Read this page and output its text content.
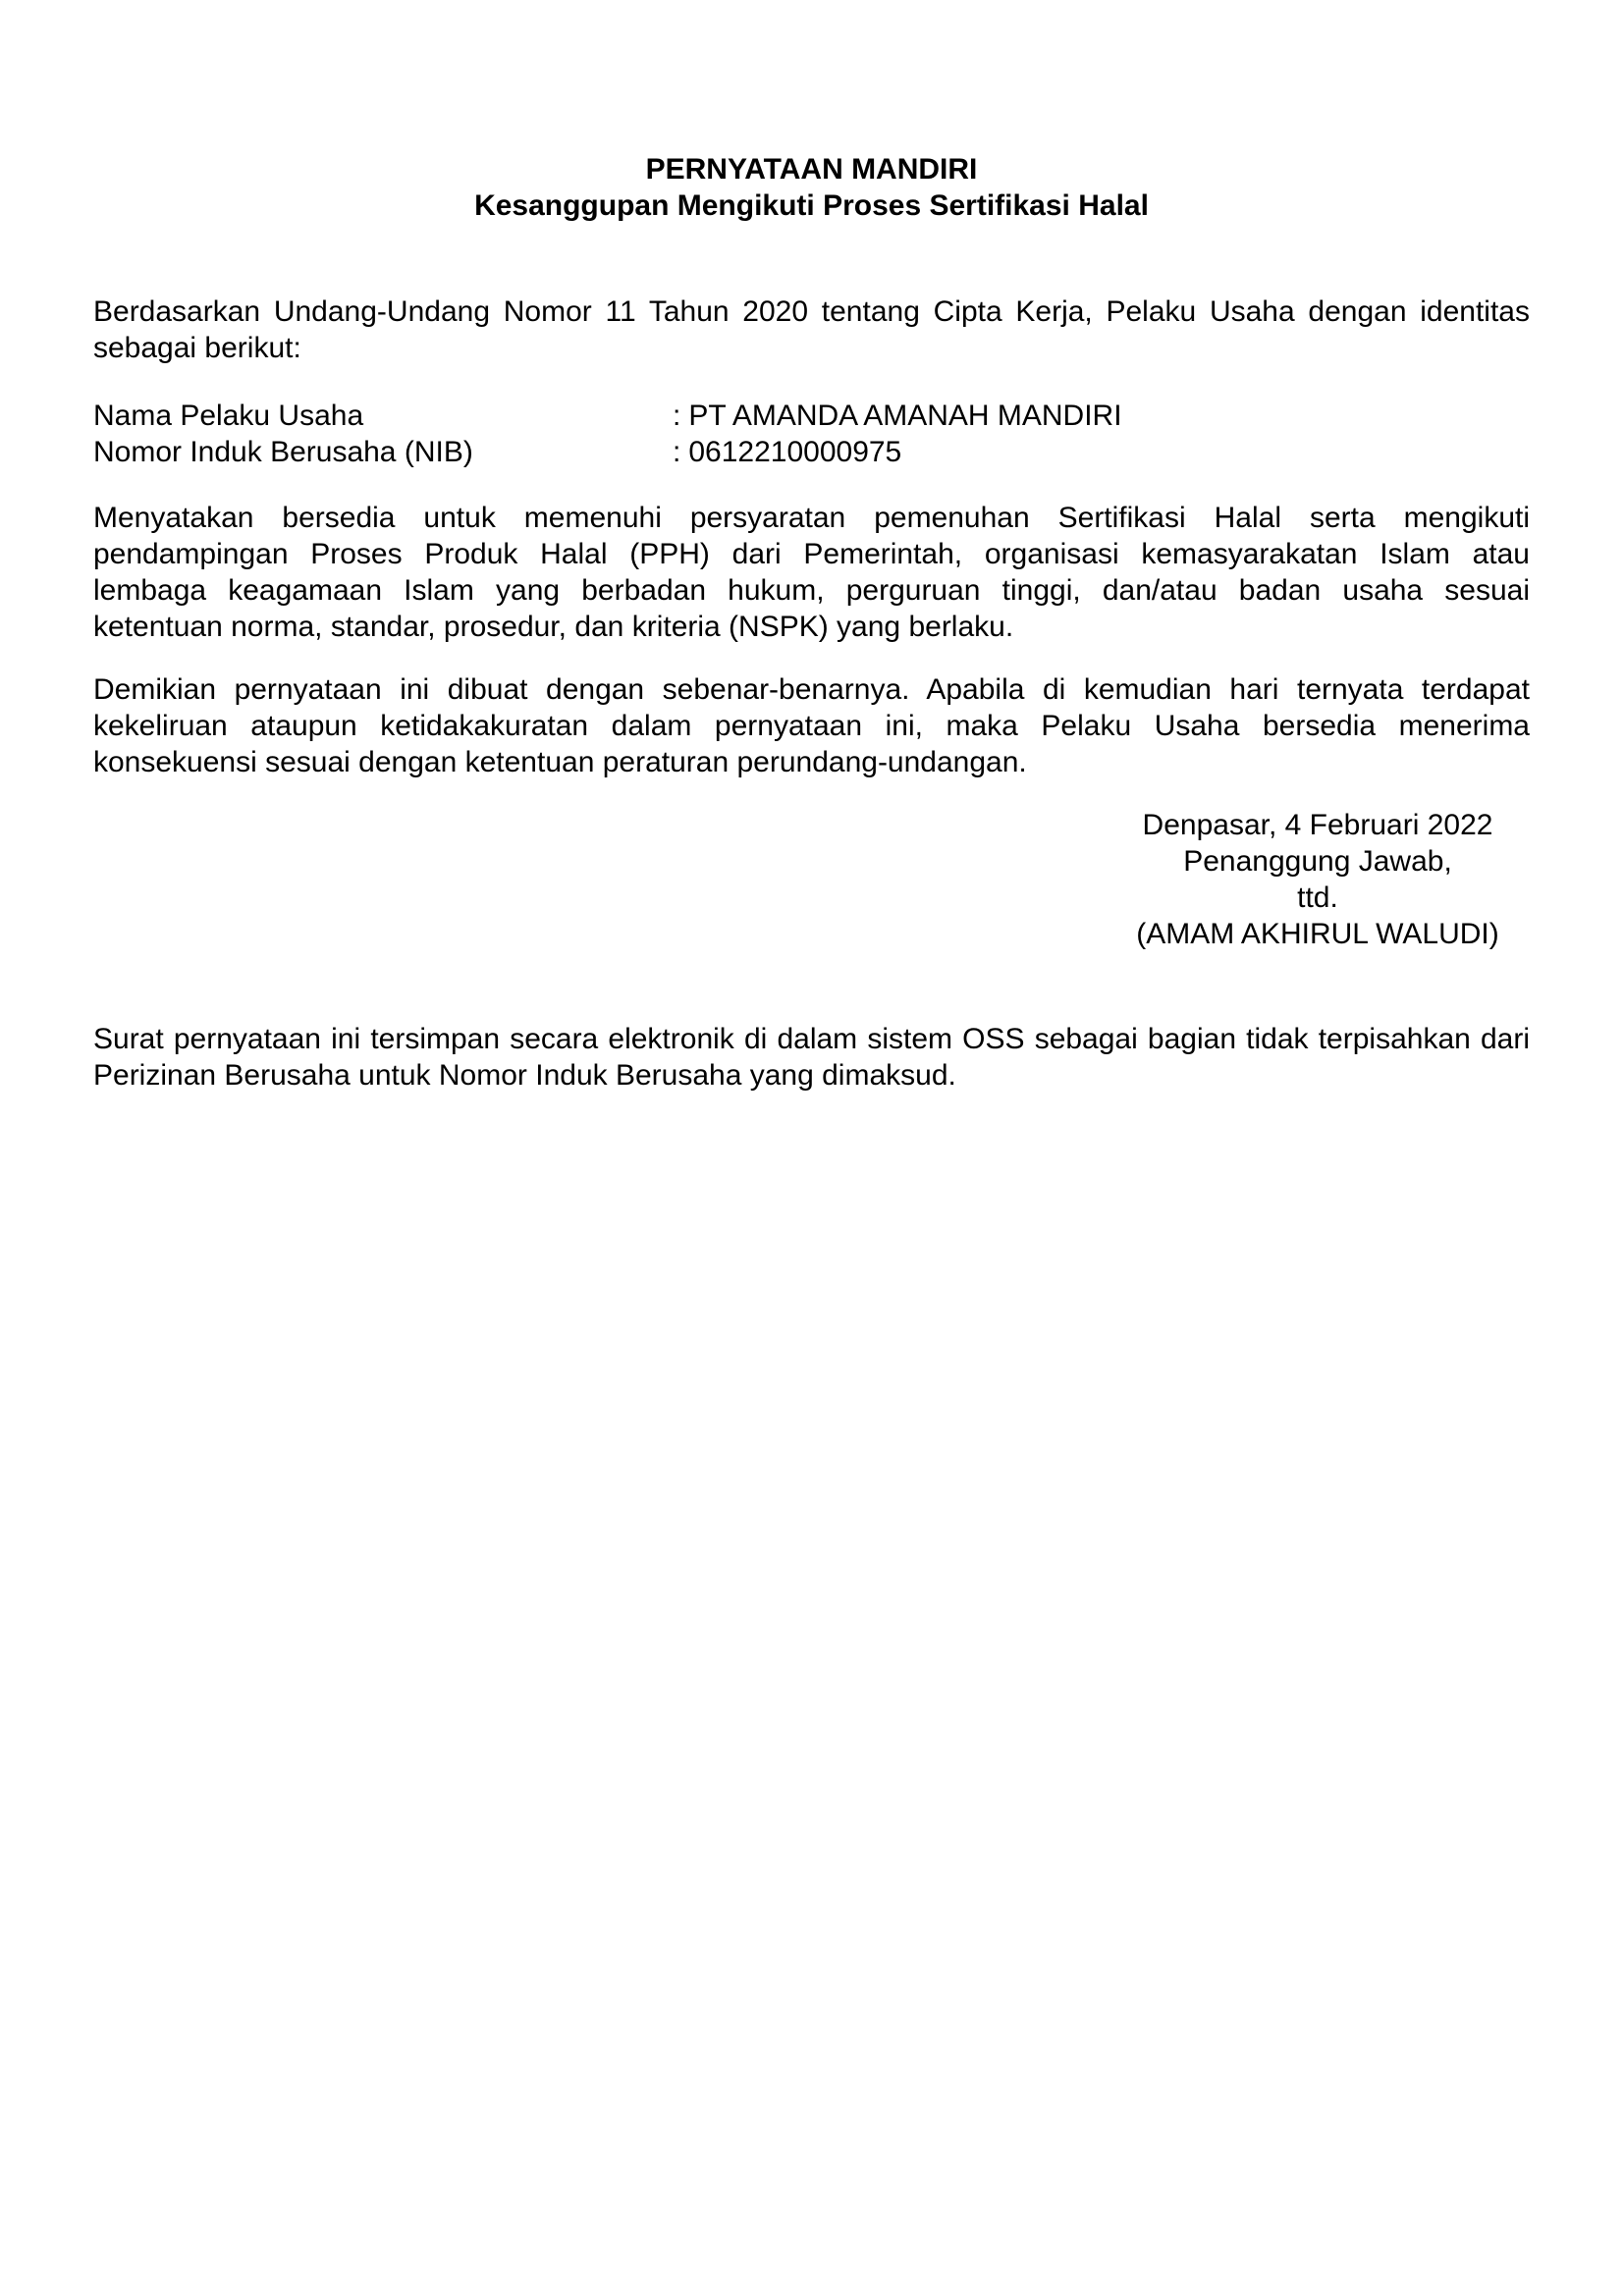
PERNYATAAN MANDIRI
Kesanggupan Mengikuti Proses Sertifikasi Halal
Berdasarkan Undang-Undang Nomor 11 Tahun 2020 tentang Cipta Kerja, Pelaku Usaha dengan identitas
sebagai berikut:
Nama Pelaku Usaha	: PT AMANDA AMANAH MANDIRI
Nomor Induk Berusaha (NIB)	: 0612210000975
Menyatakan bersedia untuk memenuhi persyaratan pemenuhan Sertifikasi Halal serta mengikuti
pendampingan Proses Produk Halal (PPH) dari Pemerintah, organisasi kemasyarakatan Islam atau
lembaga keagamaan Islam yang berbadan hukum, perguruan tinggi, dan/atau badan usaha sesuai
ketentuan norma, standar, prosedur, dan kriteria (NSPK) yang berlaku.
Demikian pernyataan ini dibuat dengan sebenar-benarnya. Apabila di kemudian hari ternyata terdapat
kekeliruan ataupun ketidakakuratan dalam pernyataan ini, maka Pelaku Usaha bersedia menerima
konsekuensi sesuai dengan ketentuan peraturan perundang-undangan.
Denpasar, 4 Februari 2022
Penanggung Jawab,
ttd.
(AMAM AKHIRUL WALUDI)
Surat pernyataan ini tersimpan secara elektronik di dalam sistem OSS sebagai bagian tidak terpisahkan dari
Perizinan Berusaha untuk Nomor Induk Berusaha yang dimaksud.
